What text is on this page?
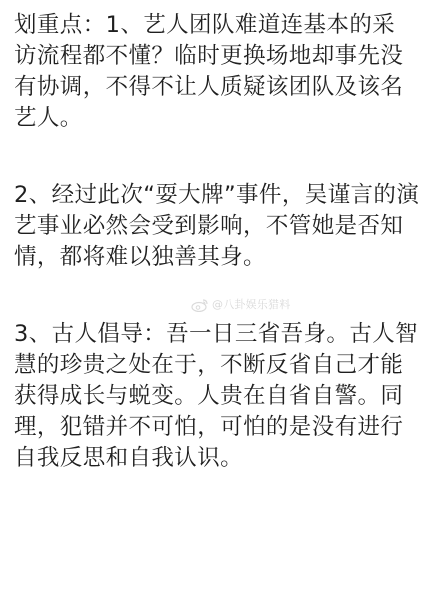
划重点：1、艺人团队难道连基本的采
访流程都不懂？临时更换场地却事先没
有协调，不得不让人质疑该团队及该名
艺人。

2、经过此次“耍大牌”事件，吴谨言的演
艺事业必然会受到影响，不管她是否知
情，都将难以独善其身。

3、古人倡导：吾一日三省吾身。古人智
慧的珍贵之处在于，不断反省自己才能
获得成长与蜕变。人贵在自省自警。同
理，犯错并不可怕，可怕的是没有进行
自我反思和自我认识。

@八卦娱乐猎料
